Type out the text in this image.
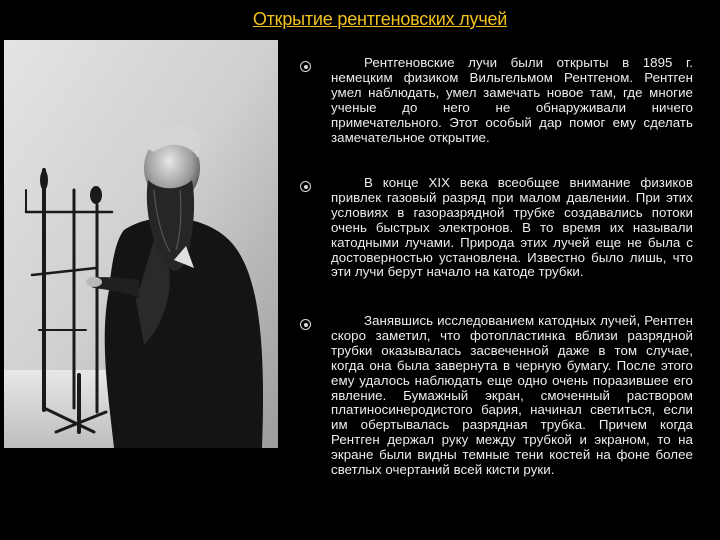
Открытие рентгеновских лучей
Рентгеновские лучи были открыты в 1895 г. немецким физиком Вильгельмом Рентгеном. Рентген умел наблюдать, умел замечать новое там, где многие ученые до него не обнаруживали ничего примечательного. Этот особый дар помог ему сделать замечательное открытие.
В конце XIX века всеобщее внимание физиков привлек газовый разряд при малом давлении. При этих условиях в газоразрядной трубке создавались потоки очень быстрых электронов. В то время их называли катодными лучами. Природа этих лучей еще не была с достоверностью установлена. Известно было лишь, что эти лучи берут начало на катоде трубки.
Занявшись исследованием катодных лучей, Рентген скоро заметил, что фотопластинка вблизи разрядной трубки оказывалась засвеченной даже в том случае, когда она была завернута в черную бумагу. После этого ему удалось наблюдать еще одно очень поразившее его явление. Бумажный экран, смоченный раствором платиносинеродистого бария, начинал светиться, если им обертывалась разрядная трубка. Причем когда Рентген держал руку между трубкой и экраном, то на экране были видны темные тени костей на фоне более светлых очертаний всей кисти руки.
